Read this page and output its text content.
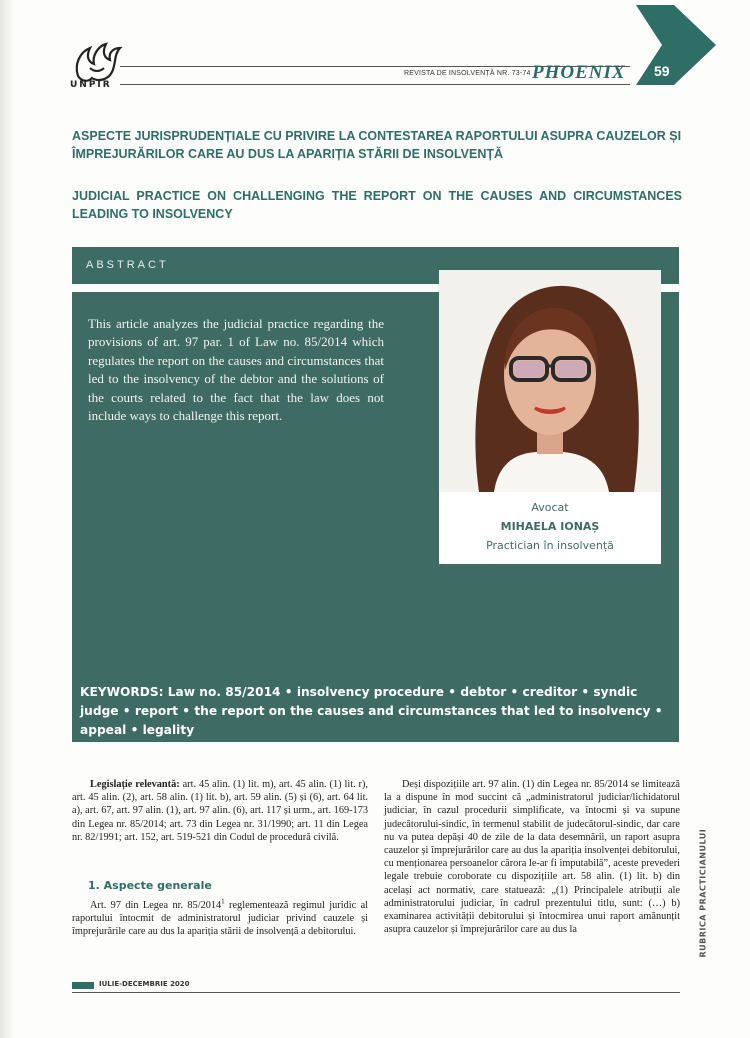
UNPIR
REVISTA DE INSOLVENȚĂ NR. 73-74 PHOENIX 59
ASPECTE JURISPRUDENȚIALE CU PRIVIRE LA CONTESTAREA RAPORTULUI ASUPRA CAUZELOR ȘI ÎMPREJURĂRILOR CARE AU DUS LA APARIȚIA STĂRII DE INSOLVENȚĂ
JUDICIAL PRACTICE ON CHALLENGING THE REPORT ON THE CAUSES AND CIRCUMSTANCES LEADING TO INSOLVENCY
ABSTRACT
This article analyzes the judicial practice regarding the provisions of art. 97 par. 1 of Law no. 85/2014 which regulates the report on the causes and circumstances that led to the insolvency of the debtor and the solutions of the courts related to the fact that the law does not include ways to challenge this report.
Avocat
MIHAELA IONAȘ
Practician în insolvență
KEYWORDS: Law no. 85/2014 • insolvency procedure • debtor • creditor • syndic judge • report • the report on the causes and circumstances that led to insolvency • appeal • legality

Legislație relevantă: art. 45 alin. (1) lit. m), art. 45 alin. (1) lit. r), art. 45 alin. (2), art. 58 alin. (1) lit. b), art. 59 alin. (5) și (6), art. 64 lit. a), art. 67, art. 97 alin. (1), art. 97 alin. (6), art. 117 și urm., art. 169-173 din Legea nr. 85/2014; art. 73 din Legea nr. 31/1990; art. 11 din Legea nr. 82/1991; art. 152, art. 519-521 din Codul de procedură civilă.

1. Aspecte generale

Art. 97 din Legea nr. 85/2014$^1$ reglementează regimul juridic al raportului întocmit de administratorul judiciar privind cauzele și împrejurările care au dus la apariția stării de insolvență a debitorului.

Deși dispozițiile art. 97 alin. (1) din Legea nr. 85/2014 se limitează la a dispune în mod succint că „administratorul judiciar/lichidatorul judiciar, în cazul procedurii simplificate, va întocmi și va supune judecătorului-sindic, în termenul stabilit de judecătorul-sindic, dar care nu va putea depăși 40 de zile de la data desemnării, un raport asupra cauzelor și împrejurărilor care au dus la apariția insolvenței debitorului, cu menționarea persoanelor cărora le-ar fi imputabilă”, aceste prevederi legale trebuie coroborate cu dispozițiile art. 58 alin. (1) lit. b) din același act normativ, care statuează: „(1) Principalele atribuții ale administratorului judiciar, în cadrul prezentului titlu, sunt: (…) b) examinarea activității debitorului și întocmirea unui raport amănunțit asupra cauzelor și împrejurărilor care au dus la	RUBRICA PRACTICIANULUI
IULIE-DECEMBRIE 2020
